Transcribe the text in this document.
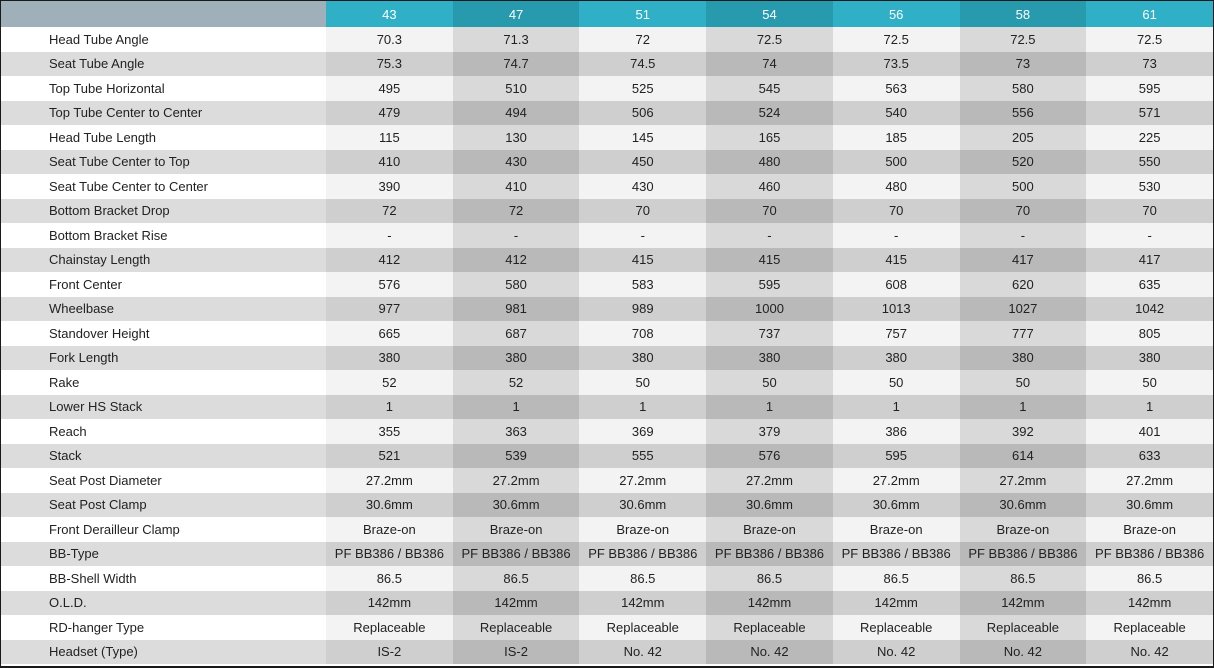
	43	47	51	54	56	58	61
Head Tube Angle	70.3	71.3	72	72.5	72.5	72.5	72.5
Seat Tube Angle	75.3	74.7	74.5	74	73.5	73	73
Top Tube Horizontal	495	510	525	545	563	580	595
Top Tube Center to Center	479	494	506	524	540	556	571
Head Tube Length	115	130	145	165	185	205	225
Seat Tube Center to Top	410	430	450	480	500	520	550
Seat Tube Center to Center	390	410	430	460	480	500	530
Bottom Bracket Drop	72	72	70	70	70	70	70
Bottom Bracket Rise	-	-	-	-	-	-	-
Chainstay Length	412	412	415	415	415	417	417
Front Center	576	580	583	595	608	620	635
Wheelbase	977	981	989	1000	1013	1027	1042
Standover Height	665	687	708	737	757	777	805
Fork Length	380	380	380	380	380	380	380
Rake	52	52	50	50	50	50	50
Lower HS Stack	1	1	1	1	1	1	1
Reach	355	363	369	379	386	392	401
Stack	521	539	555	576	595	614	633
Seat Post Diameter	27.2mm	27.2mm	27.2mm	27.2mm	27.2mm	27.2mm	27.2mm
Seat Post Clamp	30.6mm	30.6mm	30.6mm	30.6mm	30.6mm	30.6mm	30.6mm
Front Derailleur Clamp	Braze-on	Braze-on	Braze-on	Braze-on	Braze-on	Braze-on	Braze-on
BB-Type	PF BB386 / BB386	PF BB386 / BB386	PF BB386 / BB386	PF BB386 / BB386	PF BB386 / BB386	PF BB386 / BB386	PF BB386 / BB386
BB-Shell Width	86.5	86.5	86.5	86.5	86.5	86.5	86.5
O.L.D.	142mm	142mm	142mm	142mm	142mm	142mm	142mm
RD-hanger Type	Replaceable	Replaceable	Replaceable	Replaceable	Replaceable	Replaceable	Replaceable
Headset (Type)	IS-2	IS-2	No. 42	No. 42	No. 42	No. 42	No. 42
